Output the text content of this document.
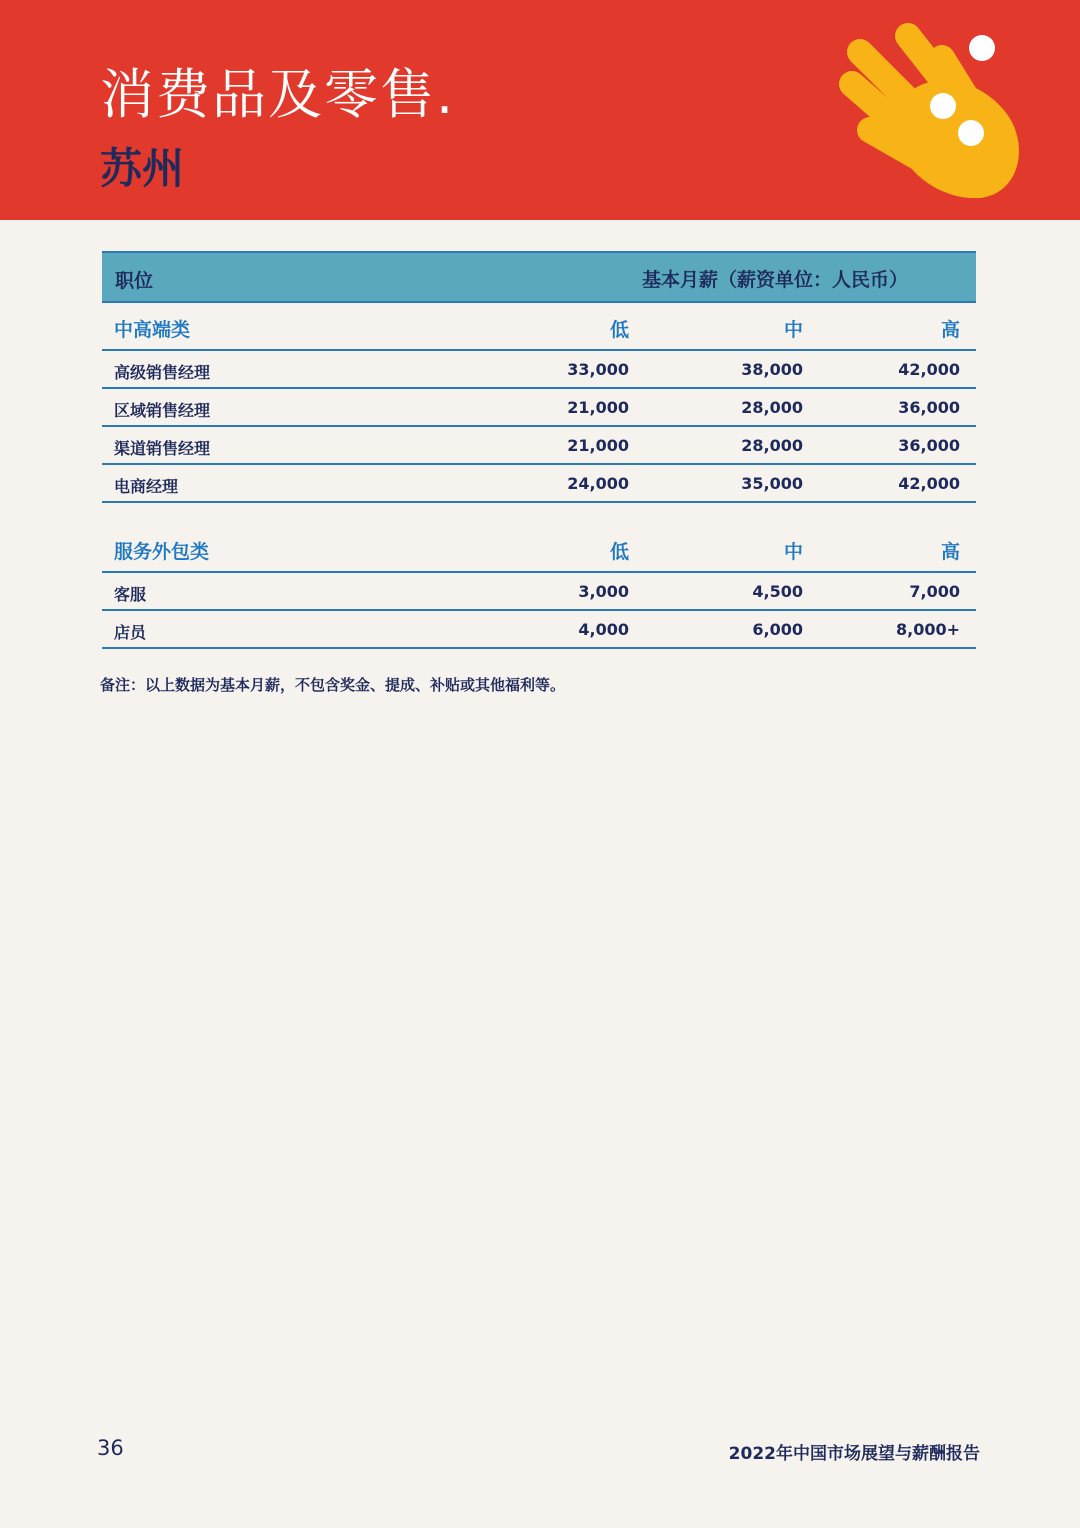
消费品及零售.
苏州
职位	基本月薪（薪资单位：人民币）
中高端类	低	中	高
高级销售经理	33,000	38,000	42,000
区域销售经理	21,000	28,000	36,000
渠道销售经理	21,000	28,000	36,000
电商经理	24,000	35,000	42,000
服务外包类	低	中	高
客服	3,000	4,500	7,000
店员	4,000	6,000	8,000+
备注：以上数据为基本月薪，不包含奖金、提成、补贴或其他福利等。
36	2022年中国市场展望与薪酬报告
